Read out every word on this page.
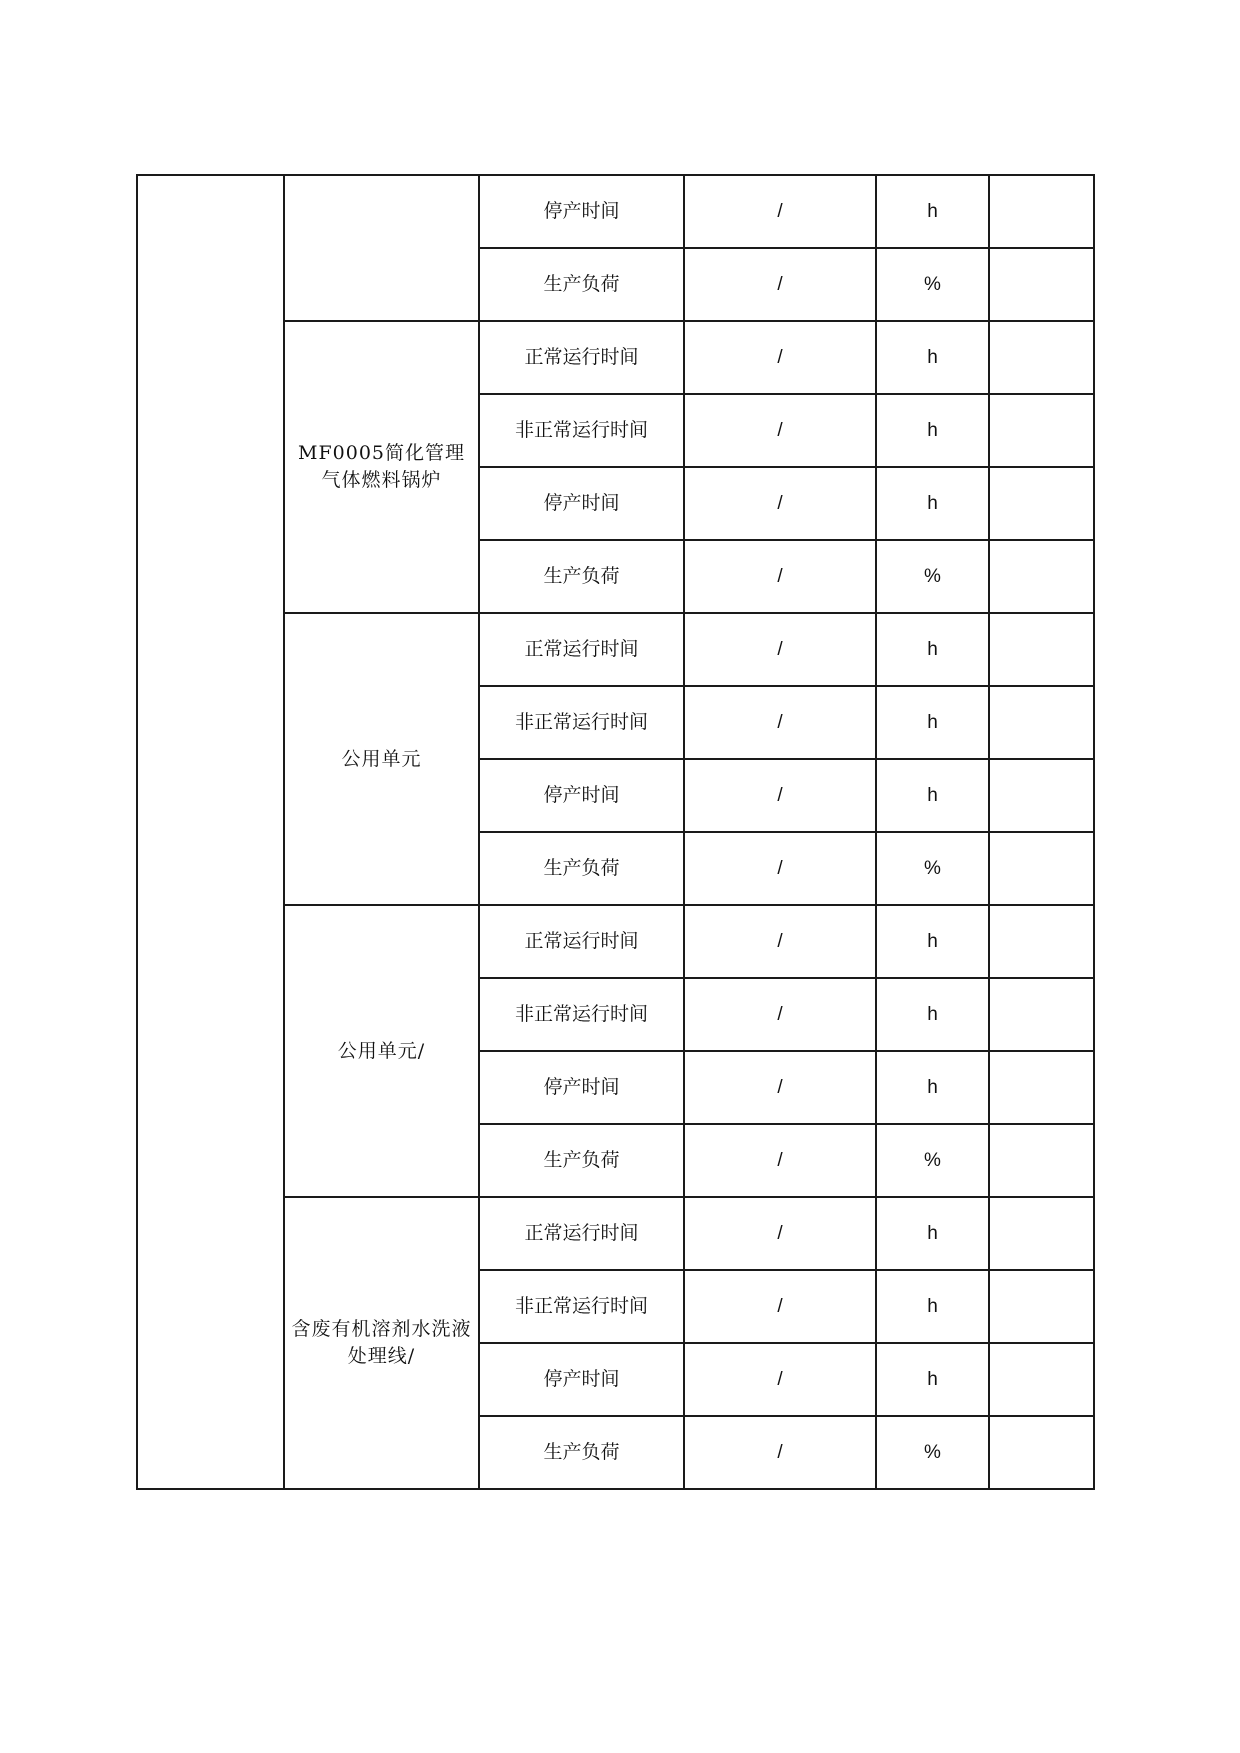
		停产时间	/	h	
		生产负荷	/	%	
	MF0005简化管理气体燃料锅炉	正常运行时间	/	h	
		非正常运行时间	/	h	
		停产时间	/	h	
		生产负荷	/	%	
	公用单元	正常运行时间	/	h	
		非正常运行时间	/	h	
		停产时间	/	h	
		生产负荷	/	%	
	公用单元/	正常运行时间	/	h	
		非正常运行时间	/	h	
		停产时间	/	h	
		生产负荷	/	%	
	含废有机溶剂水洗液处理线/	正常运行时间	/	h	
		非正常运行时间	/	h	
		停产时间	/	h	
		生产负荷	/	%	
